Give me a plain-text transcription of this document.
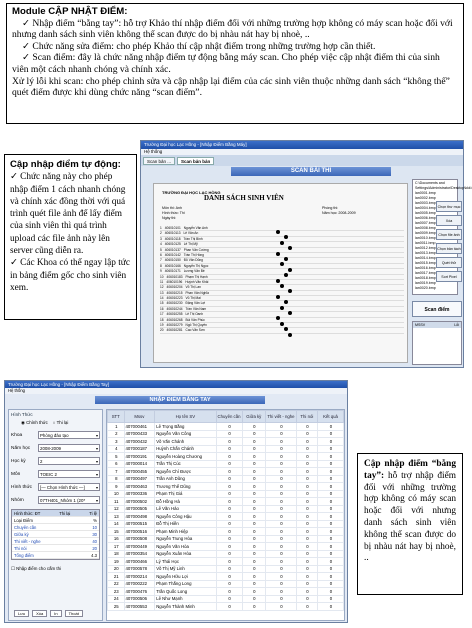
Module CẬP NHẬT ĐIỂM:

✓ Nhập điểm “bằng tay”: hỗ trợ Khảo thí nhập điểm đối với những trường hợp không có máy scan hoặc đối với nhưng danh sách sinh viên không thể scan được do bị nhàu nát hay bị nhoè, ..

✓ Chức năng sửa điểm: cho phép Khảo thí cập nhật điểm trong những trường hợp cần thiết.

✓ Scan điểm: đây là chức năng nhập điểm tự động bằng máy scan. Cho phép việc cập nhật điểm thi của sinh viên một cách nhanh chóng và chính xác.

Xử lý lỗi khi scan: cho phép chỉnh sửa và cập nhập lại điểm của các sinh viên thuộc những danh sách “không thể” quét điểm được khi dùng chức năng “scan điểm”.

Cập nhập điểm tự động:

✓ Chức năng này cho phép nhập điểm 1 cách nhanh chóng và chính xác đồng thời với quá trình quét file ảnh để lấy điểm của sinh viên thì quá trình upload các file ảnh này lên server cũng diễn ra.

✓ Các Khoa có thể ngay lập tức in bảng điểm gốc cho sinh viên xem.

Trường Đại học Lạc Hồng - [Nhập Điểm Bằng Máy]
Hệ thống
Scan bản ...	Scan bản bản
SCAN BÀI THI
TRƯỜNG ĐẠI HỌC LẠC HỒNG
DANH SÁCH SINH VIÊN
Môn thi: Anh
Hình thức: Thi
Ngày thi:
Phòng thi:
Năm học: 2008-2009
1 406010101 Nguyễn Văn Anh
2 406010113 Lê Văn An
3 406010118 Trần Thị Bình
4 406010125 Lê Thị Mỹ
5 406010137 Phan Văn Cường
6 406010142 Trần Thị Hồng
7 406010150 Đỗ Văn Dũng
8 406010166 Nguyễn Thị Ngọc
9 406010171 Lương Văn Bé
10 406010183 Phạm Thị Hạnh
11 406010196 Huỳnh Văn Khải
12 406010204 Võ Thị Lan
13 406010215 Phan Văn Nghĩa
14 406010223 Vũ Thị Mai
15 406010230 Đặng Văn Lợi
16 406010244 Trần Văn Nam
17 406010255 Lê Thị Oanh
18 406010268 Bùi Văn Phúc
19 406010279 Ngô Thị Quyên
20 406010281 Cao Văn Sơn
C:\Documents and Settings\Administrator\Desktop\kkk\
lan0001.bmp
lan0002.bmp
lan0003.bmp
lan0004.bmp
lan0005.bmp
lan0006.bmp
lan0007.bmp
lan0008.bmp
lan0009.bmp
lan0010.bmp
lan0011.bmp
lan0012.bmp
lan0013.bmp
lan0014.bmp
lan0015.bmp
lan0016.bmp
lan0017.bmp
lan0018.bmp
lan0019.bmp
lan0020.bmp
Chọn thư mục
Xóa
Chọn file ảnh
Chọn bản tách
Quét thử
Sort Pixel
Scan điểm
MSSV	Lỗi
Trường Đại học Lạc Hồng - [Nhập Điểm Bằng Tay]
Hệ thống
NHẬP ĐIỂM BẰNG TAY
Hình Thức
◉ Chính thức ○ Thi lại
Khoa	Phòng đào tạo ▾
Năm học	2008-2009 ▾
Học kỳ	2 ▾
Môn	TOEIC 2 ▾
Hình thức	[— Chọn Hình thức —] ▾
Nhóm	07TH401_Nhóm 1 (20* ▾
Hình thức: ĐT	Thi lại	Ti lệ
Loại Điểm	%
Chuyên cần	10
Giữa kỳ	30
Thi viết - nghe	40
Thi nói	20
Tổng điểm	4.3
☐ Nhập điểm cho cấm thi
Lưu	Xóa	In	Thoát
STT	Mssv	Họ tên SV	Chuyên cần	Giữa kỳ	Thi viết - nghe	Thi nói	Kết quả
1	407000461	Lê Trọng Bằng	0	0	0	0	0
2	407000433	Nguyễn Văn Công	0	0	0	0	0
3	407000432	Võ Văn Chánh	0	0	0	0	0
4	407000187	Huỳnh Chấn Chánh	0	0	0	0	0
5	407000191	Nguyễn Hoàng Chương	0	0	0	0	0
6	407000014	Trần Thị Cúc	0	0	0	0	0
7	407000455	Nguyễn Chí Được	0	0	0	0	0
8	407000497	Trần Anh Dũng	0	0	0	0	0
9	407000463	Trương Thế Dũng	0	0	0	0	0
10	407000336	Phạm Thị Giá	0	0	0	0	0
11	407000502	Đỗ Hồng Hà	0	0	0	0	0
12	407000505	Lê Văn Hảo	0	0	0	0	0
13	407000498	Nguyễn Công Hậu	0	0	0	0	0
14	407000515	Đỗ Thị Hiền	0	0	0	0	0
15	407000516	Phạm Minh Hiệp	0	0	0	0	0
16	407000508	Nguyễn Trung Hòa	0	0	0	0	0
17	407000449	Nguyễn Văn Hòa	0	0	0	0	0
18	407000354	Nguyễn Xuân Hòa	0	0	0	0	0
19	407000466	Lý Thái Học	0	0	0	0	0
20	407000578	Võ Thị Mỹ Linh	0	0	0	0	0
21	407000214	Nguyễn Hữu Lợi	0	0	0	0	0
22	407000222	Phạm Thắng Long	0	0	0	0	0
23	407000476	Trần Quốc Long	0	0	0	0	0
24	407000506	Lê Như Mạnh	0	0	0	0	0
25	407000553	Nguyễn Thành Minh	0	0	0	0	0
Cập nhập điểm “bằng tay”: hỗ trợ nhập điểm đối với những trường hợp không có máy scan hoặc đối với nhưng danh sách sinh viên không thể scan được do bị nhàu nát hay bị nhoè, ..
